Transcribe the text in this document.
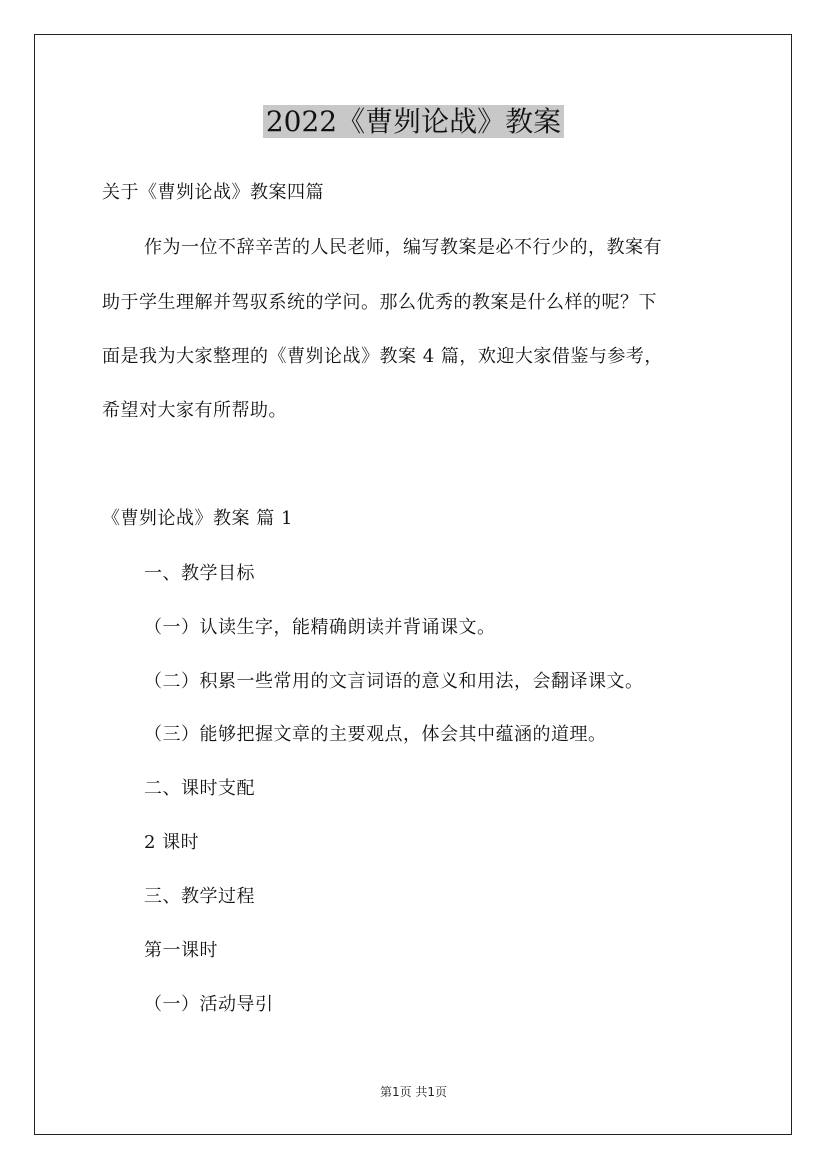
2022《曹刿论战》教案
关于《曹刿论战》教案四篇
作为一位不辞辛苦的人民老师，编写教案是必不行少的，教案有
助于学生理解并驾驭系统的学问。那么优秀的教案是什么样的呢？下
面是我为大家整理的《曹刿论战》教案 4 篇，欢迎大家借鉴与参考，
希望对大家有所帮助。
《曹刿论战》教案 篇 1
一、教学目标
（一）认读生字，能精确朗读并背诵课文。
（二）积累一些常用的文言词语的意义和用法，会翻译课文。
（三）能够把握文章的主要观点，体会其中蕴涵的道理。
二、课时支配
2 课时
三、教学过程
第一课时
（一）活动导引
第1页 共1页
